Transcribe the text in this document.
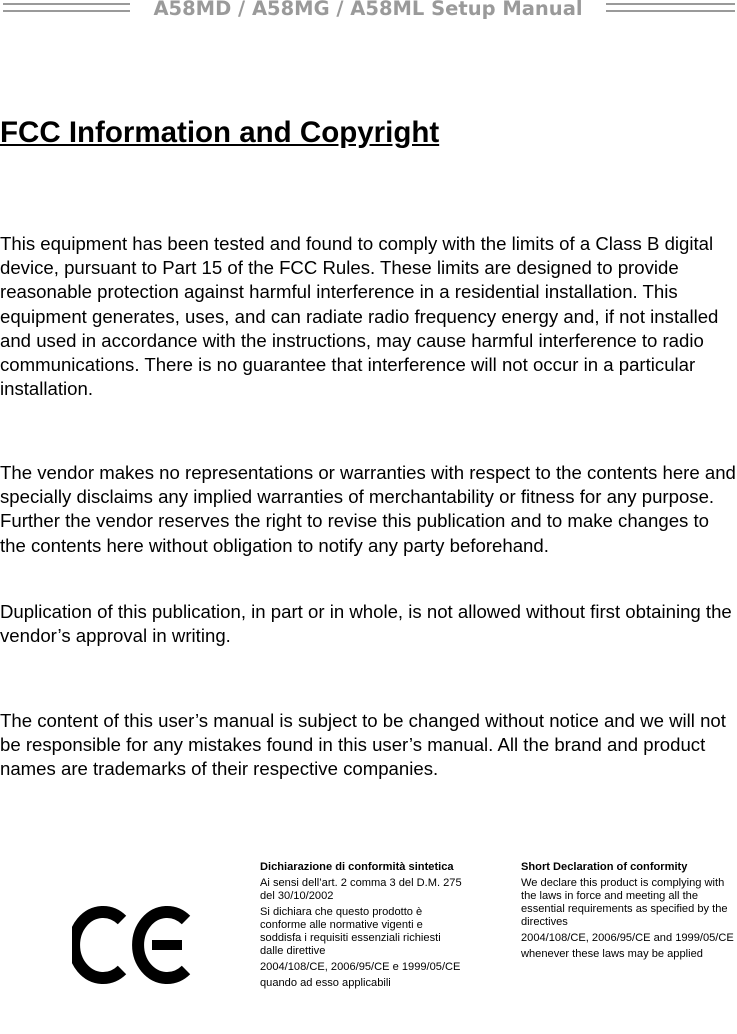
A58MD / A58MG / A58ML Setup Manual
FCC Information and Copyright

This equipment has been tested and found to comply with the limits of a Class B digital device, pursuant to Part 15 of the FCC Rules. These limits are designed to provide reasonable protection against harmful interference in a residential installation. This equipment generates, uses, and can radiate radio frequency energy and, if not installed and used in accordance with the instructions, may cause harmful interference to radio communications. There is no guarantee that interference will not occur in a particular installation.

The vendor makes no representations or warranties with respect to the contents here and specially disclaims any implied warranties of merchantability or fitness for any purpose. Further the vendor reserves the right to revise this publication and to make changes to the contents here without obligation to notify any party beforehand.

Duplication of this publication, in part or in whole, is not allowed without first obtaining the vendor’s approval in writing.

The content of this user’s manual is subject to be changed without notice and we will not be responsible for any mistakes found in this user’s manual. All the brand and product names are trademarks of their respective companies.

Dichiarazione di conformità sintetica

Ai sensi dell’art. 2 comma 3 del D.M. 275 del 30/10/2002

Si dichiara che questo prodotto è conforme alle normative vigenti e soddisfa i requisiti essenziali richiesti dalle direttive

2004/108/CE, 2006/95/CE e 1999/05/CE

quando ad esso applicabili

Short Declaration of conformity

We declare this product is complying with the laws in force and meeting all the essential requirements as specified by the directives

2004/108/CE, 2006/95/CE and 1999/05/CE

whenever these laws may be applied
